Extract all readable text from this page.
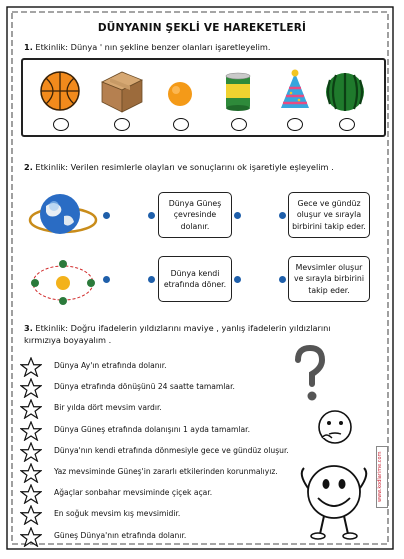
DÜNYANIN ŞEKLİ VE HAREKETLERİ
1. Etkinlik: Dünya ' nın şekline benzer olanları işaretleyelim.
2. Etkinlik: Verilen resimlerle olayları ve sonuçlarını ok işaretiyle eşleyelim .
Dünya Güneş çevresinde dolanır.
Gece ve gündüz oluşur ve sırayla birbirini takip eder.
Dünya kendi etrafında döner.
Mevsimler oluşur ve sırayla birbirini takip eder.
3. Etkinlik: Doğru ifadelerin yıldızlarını maviye , yanlış ifadelerin yıldızlarını kırmızıya boyayalım .
Dünya Ay'ın etrafında dolanır.
Dünya etrafında dönüşünü 24 saatte tamamlar.
Bir yılda dört mevsim vardır.
Dünya Güneş etrafında dolanışını 1 ayda tamamlar.
Dünya'nın kendi etrafında dönmesiyle gece ve gündüz oluşur.
Yaz mevsiminde Güneş'in zararlı etkilerinden korunmalıyız.
Ağaçlar sonbahar mevsiminde çiçek açar.
En soğuk mevsim kış mevsimidir.
Güneş Dünya'nın etrafında dolanır.
www.kodlarime.com
